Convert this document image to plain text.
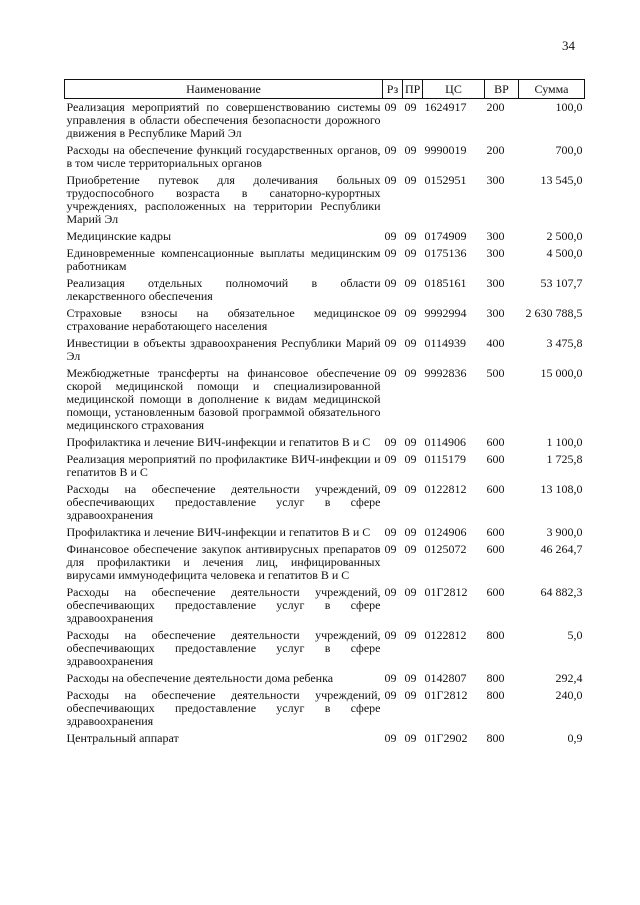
34
Наименование	Рз	ПР	ЦС	ВР	Сумма
Реализация мероприятий по совершенствованию системы управления в области обеспечения безопасности дорожного движения в Республике Марий Эл	09	09	1624917	200	100,0
Расходы на обеспечение функций государственных органов, в том числе территориальных органов	09	09	9990019	200	700,0
Приобретение путевок для долечивания больных трудоспособного возраста в санаторно-курортных учреждениях, расположенных на территории Республики Марий Эл	09	09	0152951	300	13 545,0
Медицинские кадры	09	09	0174909	300	2 500,0
Единовременные компенсационные выплаты медицинским работникам	09	09	0175136	300	4 500,0
Реализация отдельных полномочий в области лекарственного обеспечения	09	09	0185161	300	53 107,7
Страховые взносы на обязательное медицинское страхование неработающего населения	09	09	9992994	300	2 630 788,5
Инвестиции в объекты здравоохранения Республики Марий Эл	09	09	0114939	400	3 475,8
Межбюджетные трансферты на финансовое обеспечение скорой медицинской помощи и специализированной медицинской помощи в дополнение к видам медицинской помощи, установленным базовой программой обязательного медицинского страхования	09	09	9992836	500	15 000,0
Профилактика и лечение ВИЧ-инфекции и гепатитов В и С	09	09	0114906	600	1 100,0
Реализация мероприятий по профилактике ВИЧ-инфекции и гепатитов В и С	09	09	0115179	600	1 725,8
Расходы на обеспечение деятельности учреждений, обеспечивающих предоставление услуг в сфере здравоохранения	09	09	0122812	600	13 108,0
Профилактика и лечение ВИЧ-инфекции и гепатитов В и С	09	09	0124906	600	3 900,0
Финансовое обеспечение закупок антивирусных препаратов для профилактики и лечения лиц, инфицированных вирусами иммунодефицита человека и гепатитов В и С	09	09	0125072	600	46 264,7
Расходы на обеспечение деятельности учреждений, обеспечивающих предоставление услуг в сфере здравоохранения	09	09	01Г2812	600	64 882,3
Расходы на обеспечение деятельности учреждений, обеспечивающих предоставление услуг в сфере здравоохранения	09	09	0122812	800	5,0
Расходы на обеспечение деятельности дома ребенка	09	09	0142807	800	292,4
Расходы на обеспечение деятельности учреждений, обеспечивающих предоставление услуг в сфере здравоохранения	09	09	01Г2812	800	240,0
Центральный аппарат	09	09	01Г2902	800	0,9
